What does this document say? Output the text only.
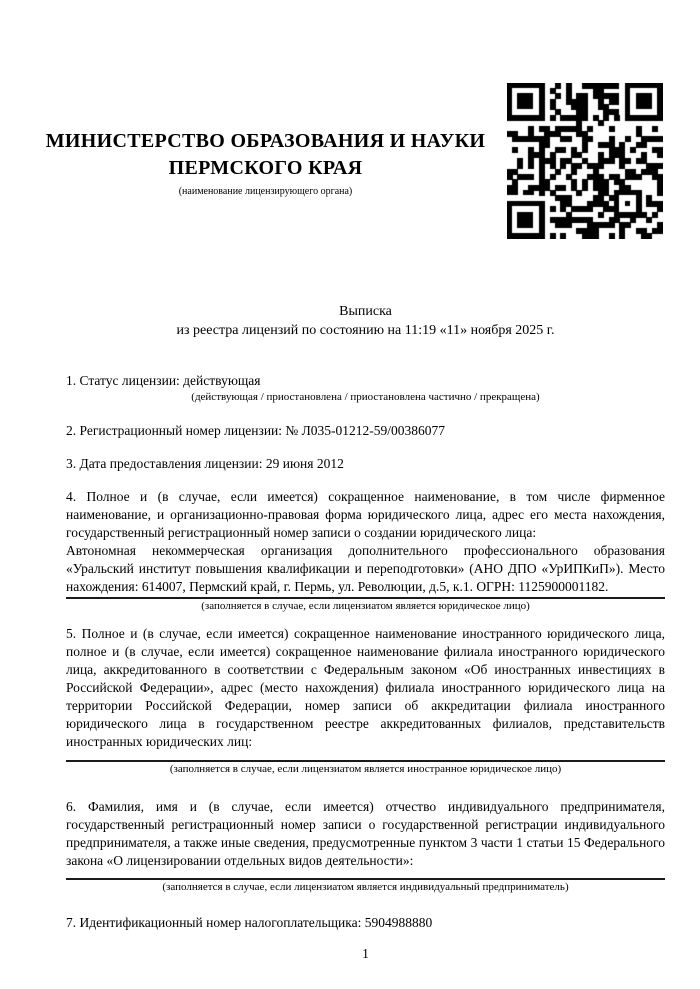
МИНИСТЕРСТВО ОБРАЗОВАНИЯ И НАУКИ
ПЕРМСКОГО КРАЯ
(наименование лицензирующего органа)
Выписка
из реестра лицензий по состоянию на 11:19 «11» ноября 2025 г.

1. Статус лицензии: действующая

(действующая / приостановлена / приостановлена частично / прекращена)

2. Регистрационный номер лицензии: № Л035-01212-59/00386077

3. Дата предоставления лицензии: 29 июня 2012

4. Полное и (в случае, если имеется) сокращенное наименование, в том числе фирменное наименование, и организационно-правовая форма юридического лица, адрес его места нахождения, государственный регистрационный номер записи о создании юридического лица:

Автономная некоммерческая организация дополнительного профессионального образования «Уральский институт повышения квалификации и переподготовки» (АНО ДПО «УрИПКиП»). Место нахождения: 614007, Пермский край, г. Пермь, ул. Революции, д.5, к.1. ОГРН: 1125900001182.
(заполняется в случае, если лицензиатом является юридическое лицо)

5. Полное и (в случае, если имеется) сокращенное наименование иностранного юридического лица, полное и (в случае, если имеется) сокращенное наименование филиала иностранного юридического лица, аккредитованного в соответствии с Федеральным законом «Об иностранных инвестициях в Российской Федерации», адрес (место нахождения) филиала иностранного юридического лица на территории Российской Федерации, номер записи об аккредитации филиала иностранного юридического лица в государственном реестре аккредитованных филиалов, представительств иностранных юридических лиц:

(заполняется в случае, если лицензиатом является иностранное юридическое лицо)

6. Фамилия, имя и (в случае, если имеется) отчество индивидуального предпринимателя, государственный регистрационный номер записи о государственной регистрации индивидуального предпринимателя, а также иные сведения, предусмотренные пунктом 3 части 1 статьи 15 Федерального закона «О лицензировании отдельных видов деятельности»:

(заполняется в случае, если лицензиатом является индивидуальный предприниматель)

7. Идентификационный номер налогоплательщика: 5904988880

1
